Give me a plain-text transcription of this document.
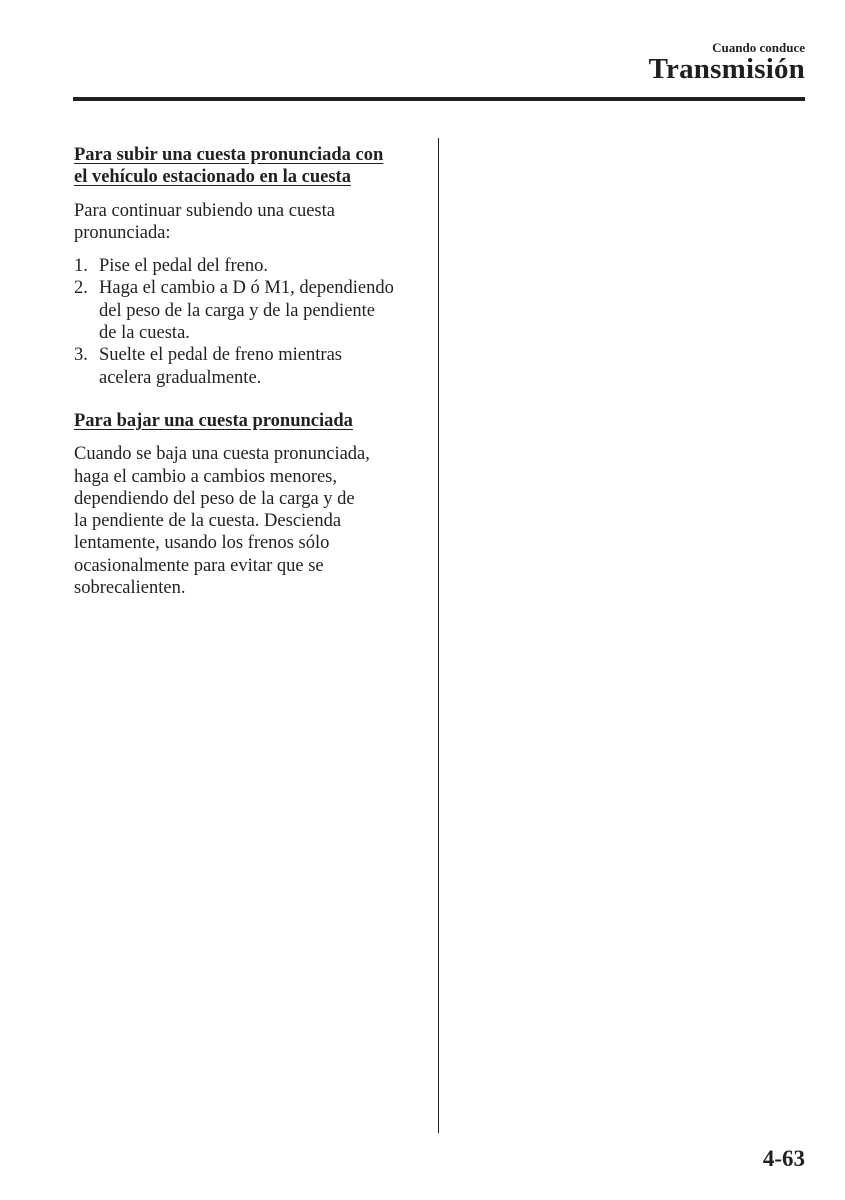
Cuando conduce
Transmisión

Para subir una cuesta pronunciada con

el vehículo estacionado en la cuesta

Para continuar subiendo una cuesta

pronunciada:

1. Pise el pedal del freno.
2. Haga el cambio a D ó M1, dependiendo
del peso de la carga y de la pendiente
de la cuesta.
3. Suelte el pedal de freno mientras
acelera gradualmente.

Para bajar una cuesta pronunciada

Cuando se baja una cuesta pronunciada,

haga el cambio a cambios menores,

dependiendo del peso de la carga y de

la pendiente de la cuesta. Descienda

lentamente, usando los frenos sólo

ocasionalmente para evitar que se

sobrecalienten.

4-63
